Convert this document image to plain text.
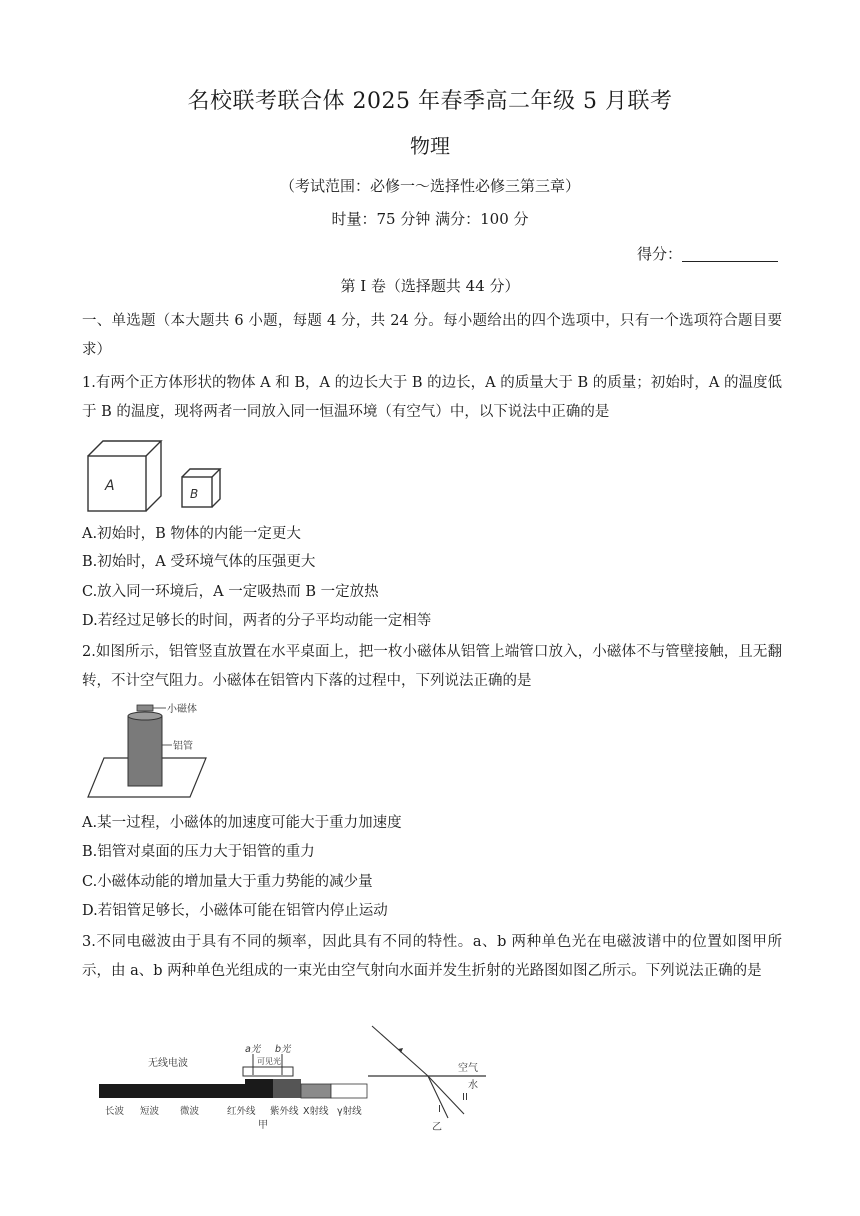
名校联考联合体 2025 年春季高二年级 5 月联考
物理
（考试范围：必修一～选择性必修三第三章）
时量：75 分钟 满分：100 分
得分：
第 I 卷（选择题共 44 分）
一、单选题（本大题共 6 小题，每题 4 分，共 24 分。每小题给出的四个选项中，只有一个选项符合题目要求）
1.有两个正方体形状的物体 A 和 B，A 的边长大于 B 的边长，A 的质量大于 B 的质量；初始时，A 的温度低于 B 的温度，现将两者一同放入同一恒温环境（有空气）中，以下说法中正确的是
A	B
A.初始时，B 物体的内能一定更大
B.初始时，A 受环境气体的压强更大
C.放入同一环境后，A 一定吸热而 B 一定放热
D.若经过足够长的时间，两者的分子平均动能一定相等
2.如图所示，铝管竖直放置在水平桌面上，把一枚小磁体从铝管上端管口放入，小磁体不与管壁接触，且无翻转，不计空气阻力。小磁体在铝管内下落的过程中，下列说法正确的是
小磁体
铝管
A.某一过程，小磁体的加速度可能大于重力加速度
B.铝管对桌面的压力大于铝管的重力
C.小磁体动能的增加量大于重力势能的减少量
D.若铝管足够长，小磁体可能在铝管内停止运动
3.不同电磁波由于具有不同的频率，因此具有不同的特性。a、b 两种单色光在电磁波谱中的位置如图甲所示，由 a、b 两种单色光组成的一束光由空气射向水面并发生折射的光路图如图乙所示。下列说法正确的是
无线电波
a光 b光
可见光
长波 短波 微波	红外线 紫外线 X射线 γ射线
甲
空气
水
I
II
乙
